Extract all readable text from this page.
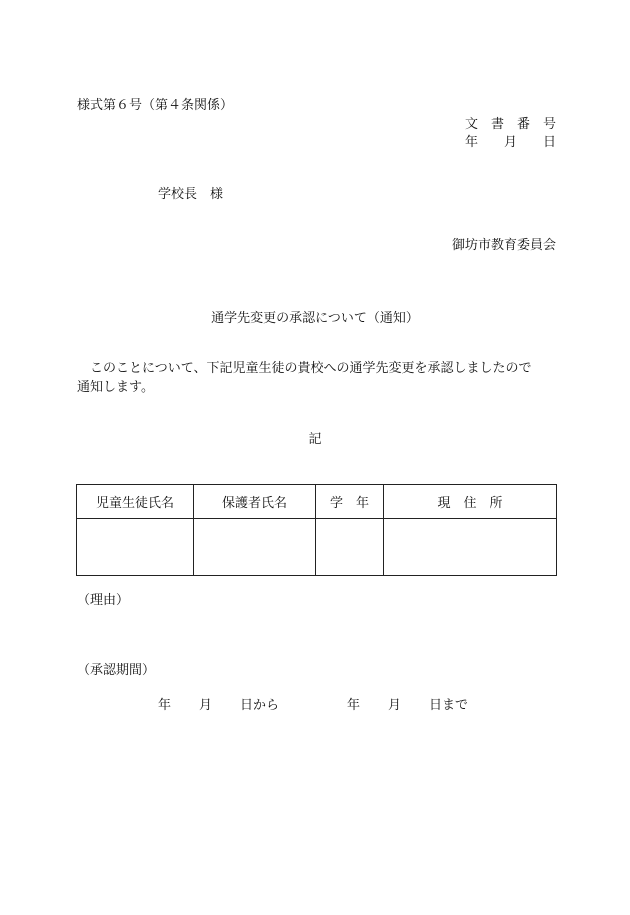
様式第６号（第４条関係）
文　書　番　号
年　　月　　日
学校長　様
御坊市教育委員会
通学先変更の承認について（通知）
　このことについて、下記児童生徒の貴校への通学先変更を承認しましたので
通知します。
記
児童生徒氏名	保護者氏名	学　年	現　住　所

（理由）
（承認期間）
年 月 日から	年 月 日まで
